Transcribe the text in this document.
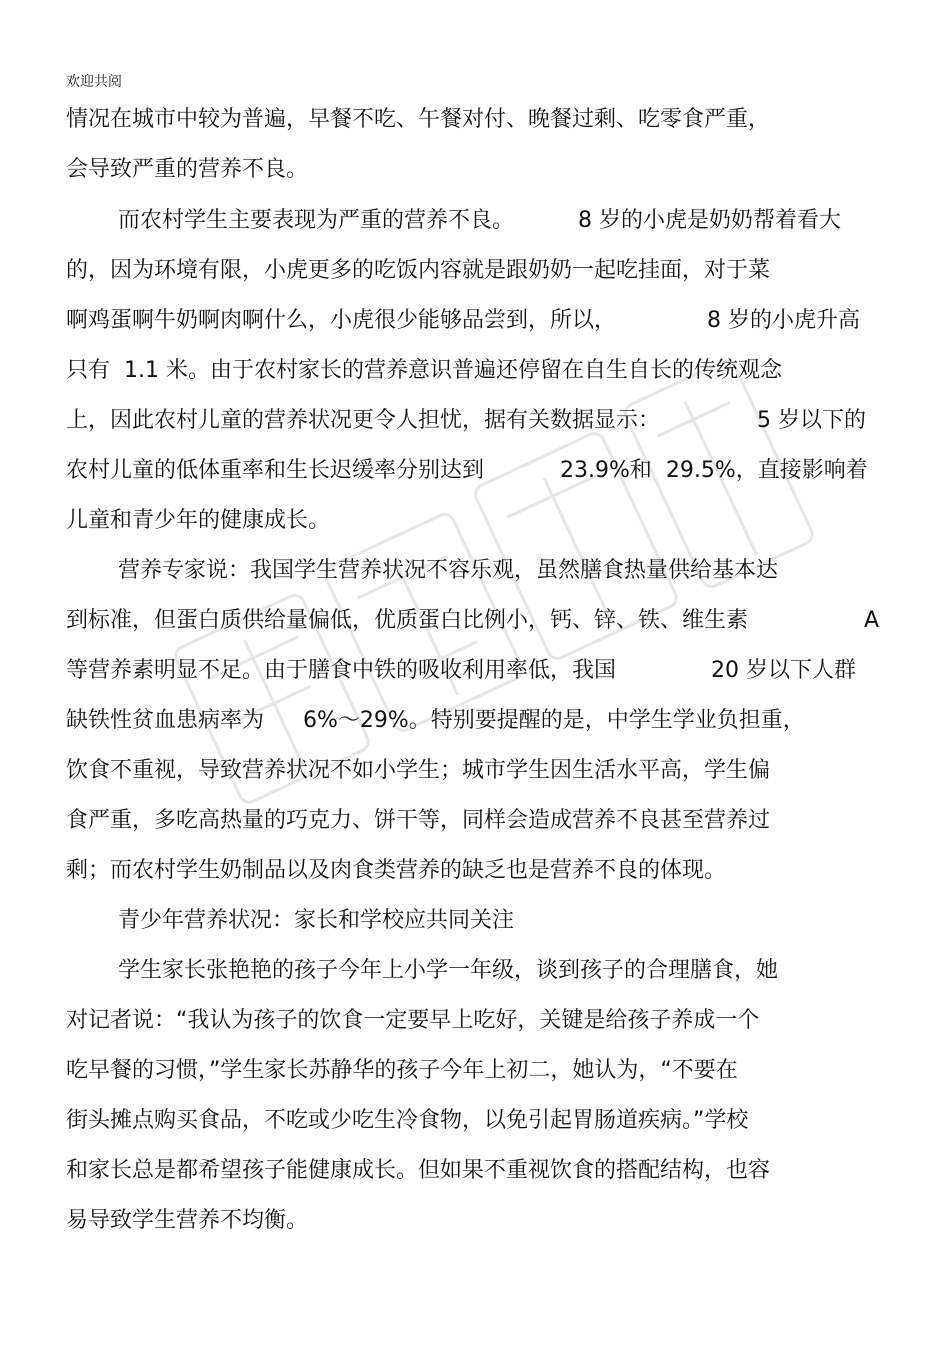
欢迎共阅
情况在城市中较为普遍，早餐不吃、午餐对付、晚餐过剩、吃零食严重，
会导致严重的营养不良。
而农村学生主要表现为严重的营养不良。	8 岁的小虎是奶奶帮着看大
的，因为环境有限，小虎更多的吃饭内容就是跟奶奶一起吃挂面，对于菜
啊鸡蛋啊牛奶啊肉啊什么，小虎很少能够品尝到，所以，	8 岁的小虎升高
只有  1.1 米。由于农村家长的营养意识普遍还停留在自生自长的传统观念
上，因此农村儿童的营养状况更令人担忧，据有关数据显示：	5 岁以下的
农村儿童的低体重率和生长迟缓率分别达到	23.9%和  29.5%，直接影响着
儿童和青少年的健康成长。
营养专家说：我国学生营养状况不容乐观，虽然膳食热量供给基本达
到标准，但蛋白质供给量偏低，优质蛋白比例小，钙、锌、铁、维生素	A
等营养素明显不足。由于膳食中铁的吸收利用率低，我国	20 岁以下人群
缺铁性贫血患病率为 6%～29%。特别要提醒的是，中学生学业负担重，
饮食不重视，导致营养状况不如小学生；城市学生因生活水平高，学生偏
食严重，多吃高热量的巧克力、饼干等，同样会造成营养不良甚至营养过
剩；而农村学生奶制品以及肉食类营养的缺乏也是营养不良的体现。
青少年营养状况：家长和学校应共同关注
学生家长张艳艳的孩子今年上小学一年级，谈到孩子的合理膳食，她
对记者说：“我认为孩子的饮食一定要早上吃好，关键是给孩子养成一个
吃早餐的习惯，”学生家长苏静华的孩子今年上初二，她认为，“不要在
街头摊点购买食品，不吃或少吃生冷食物，以免引起胃肠道疾病。”学校
和家长总是都希望孩子能健康成长。但如果不重视饮食的搭配结构，也容
易导致学生营养不均衡。
